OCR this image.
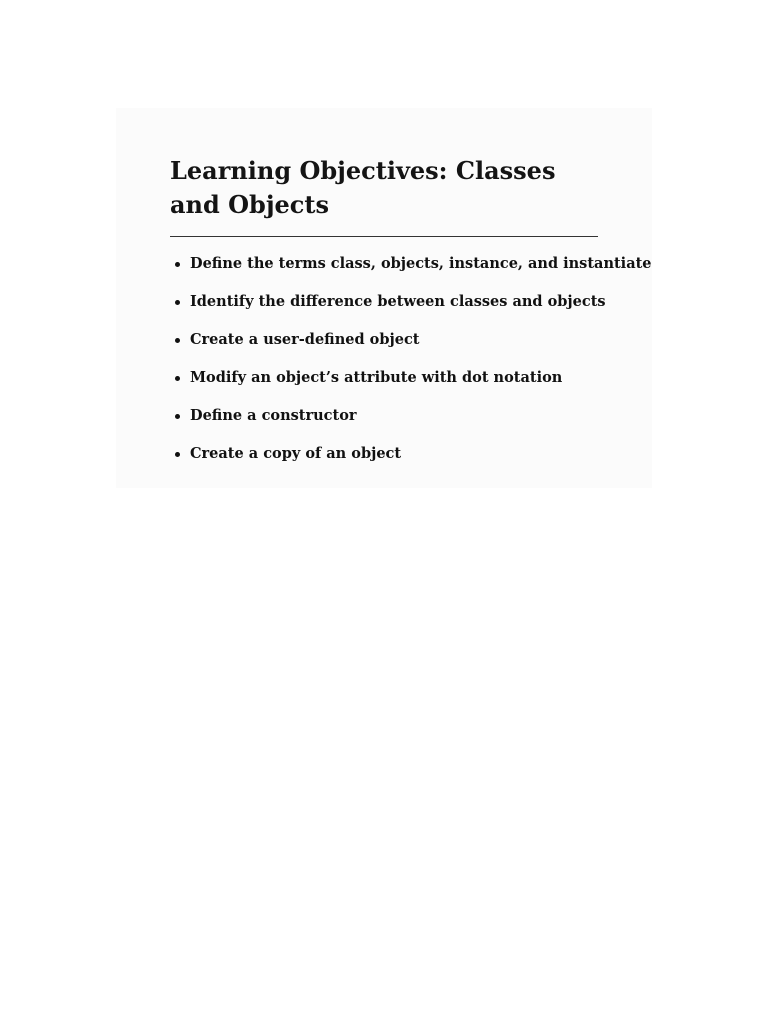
Learning Objectives: Classes and Objects
Define the terms class, objects, instance, and instantiate
Identify the difference between classes and objects
Create a user-defined object
Modify an object’s attribute with dot notation
Define a constructor
Create a copy of an object
